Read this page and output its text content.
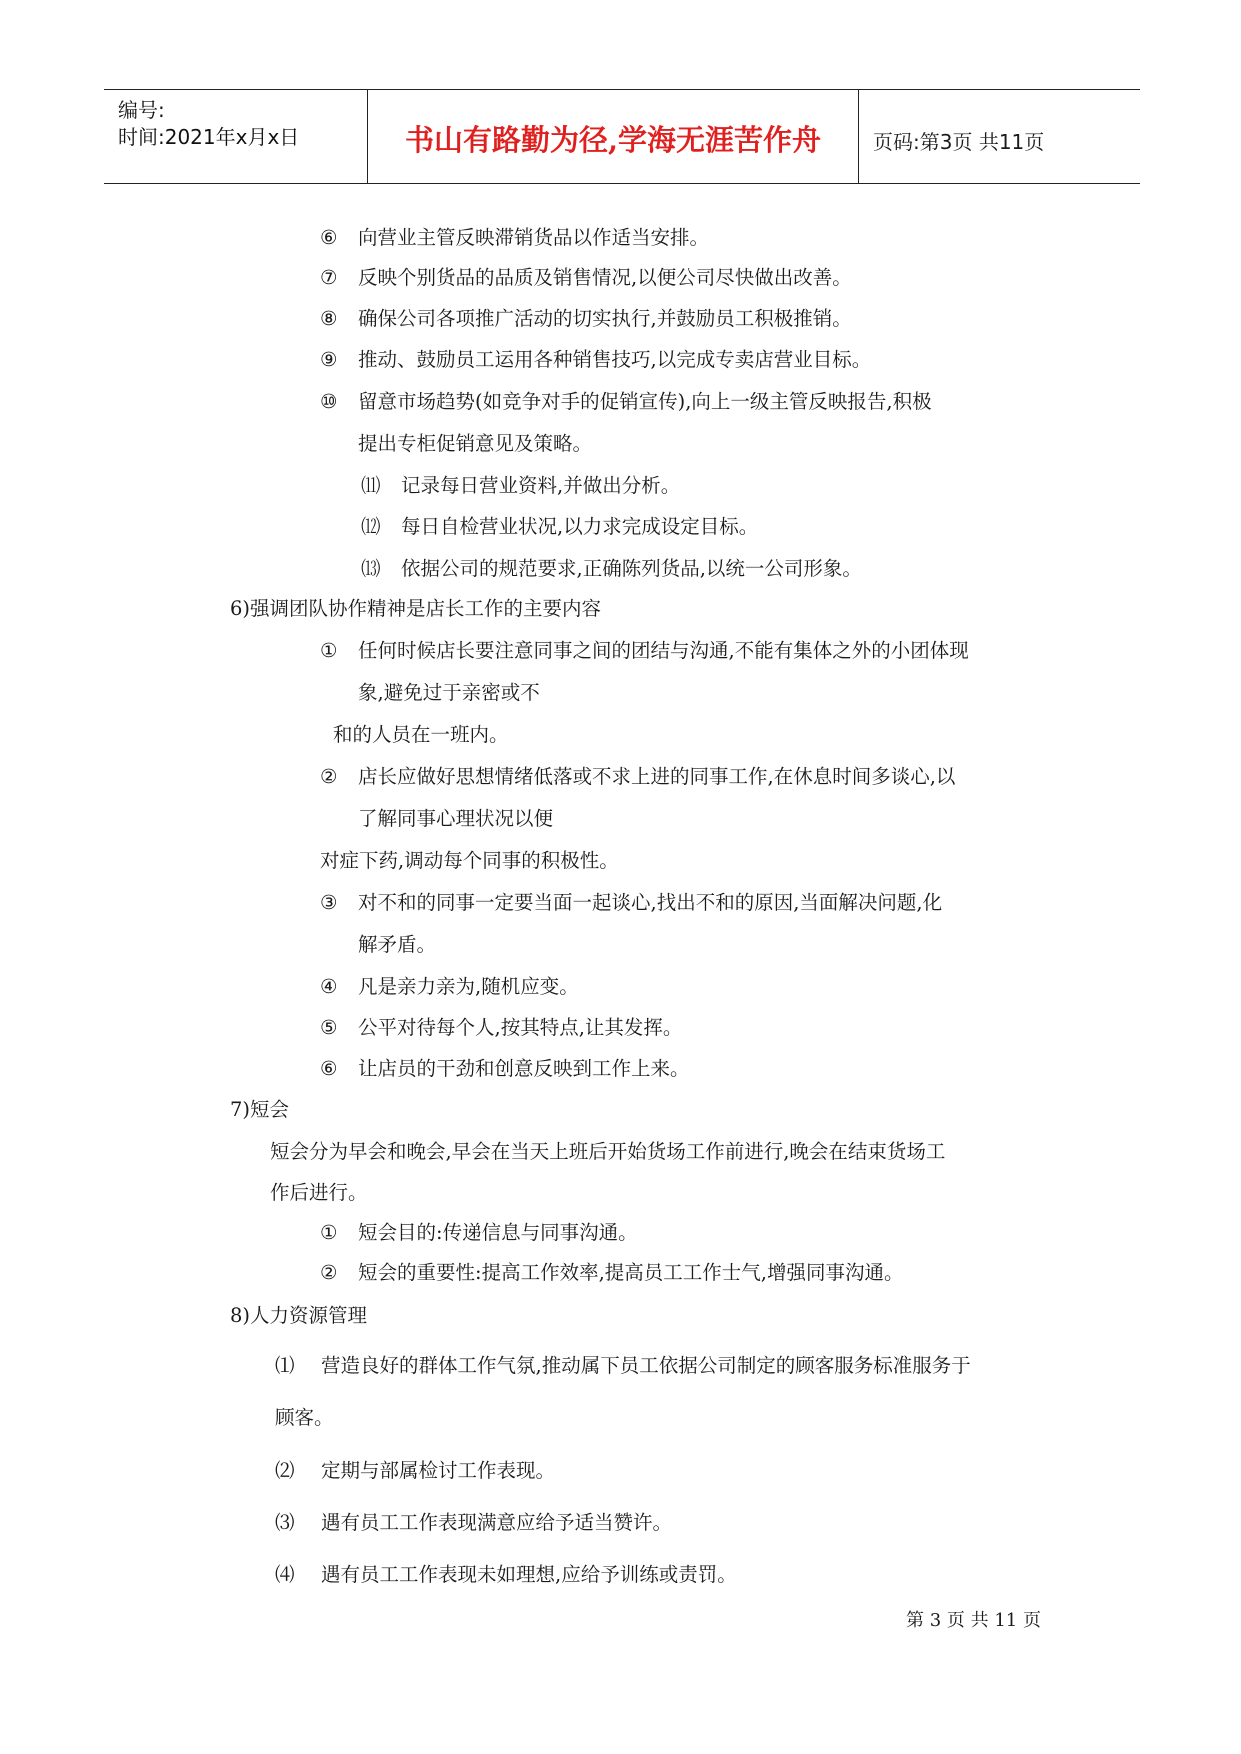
编号:
时间:2021年x月x日	书山有路勤为径,学海无涯苦作舟	页码:第3页 共11页
⑥ 向营业主管反映滞销货品以作适当安排。
⑦ 反映个别货品的品质及销售情况,以便公司尽快做出改善。
⑧ 确保公司各项推广活动的切实执行,并鼓励员工积极推销。
⑨ 推动、鼓励员工运用各种销售技巧,以完成专卖店营业目标。
⑩ 留意市场趋势(如竞争对手的促销宣传),向上一级主管反映报告,积极
提出专柜促销意见及策略。
⑾ 记录每日营业资料,并做出分析。
⑿ 每日自检营业状况,以力求完成设定目标。
⒀ 依据公司的规范要求,正确陈列货品,以统一公司形象。
6)强调团队协作精神是店长工作的主要内容
① 任何时候店长要注意同事之间的团结与沟通,不能有集体之外的小团体现
象,避免过于亲密或不
和的人员在一班内。
② 店长应做好思想情绪低落或不求上进的同事工作,在休息时间多谈心,以
了解同事心理状况以便
对症下药,调动每个同事的积极性。
③ 对不和的同事一定要当面一起谈心,找出不和的原因,当面解决问题,化
解矛盾。
④ 凡是亲力亲为,随机应变。
⑤ 公平对待每个人,按其特点,让其发挥。
⑥ 让店员的干劲和创意反映到工作上来。
7)短会
短会分为早会和晚会,早会在当天上班后开始货场工作前进行,晚会在结束货场工
作后进行。
① 短会目的:传递信息与同事沟通。
② 短会的重要性:提高工作效率,提高员工工作士气,增强同事沟通。
8)人力资源管理
⑴ 营造良好的群体工作气氛,推动属下员工依据公司制定的顾客服务标准服务于
顾客。
⑵ 定期与部属检讨工作表现。
⑶ 遇有员工工作表现满意应给予适当赞许。
⑷ 遇有员工工作表现未如理想,应给予训练或责罚。
第 3 页 共 11 页
